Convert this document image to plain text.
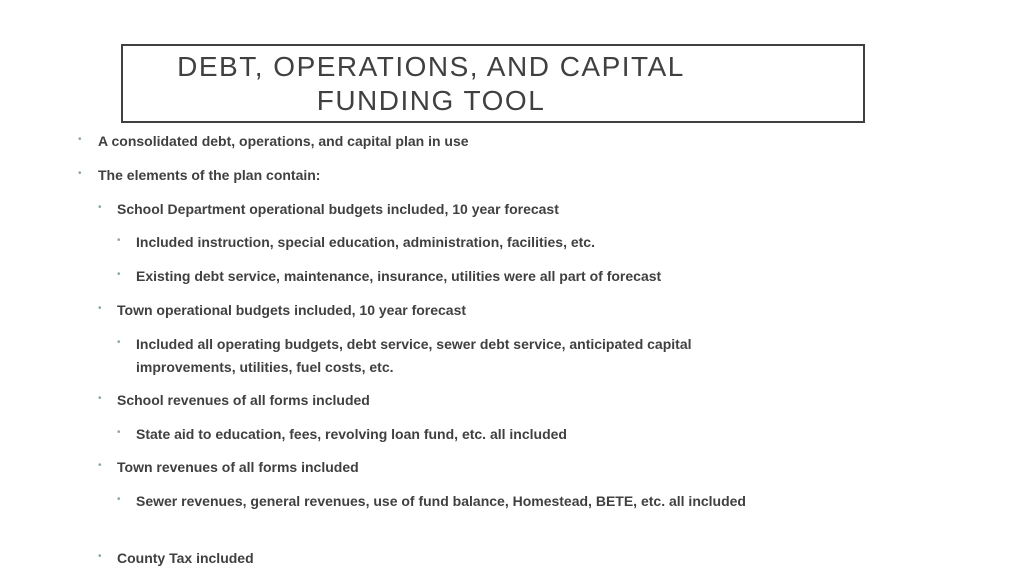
DEBT, OPERATIONS, AND CAPITAL FUNDING TOOL
• A consolidated debt, operations, and capital plan in use
• The elements of the plan contain:
• School Department operational budgets included, 10 year forecast
• Included instruction, special education, administration, facilities, etc.
• Existing debt service, maintenance, insurance, utilities were all part of forecast
• Town operational budgets included, 10 year forecast
• Included all operating budgets, debt service, sewer debt service, anticipated capital improvements, utilities, fuel costs, etc.
• School revenues of all forms included
• State aid to education, fees, revolving loan fund, etc. all included
• Town revenues of all forms included
• Sewer revenues, general revenues, use of fund balance, Homestead, BETE, etc. all included
• County Tax included
